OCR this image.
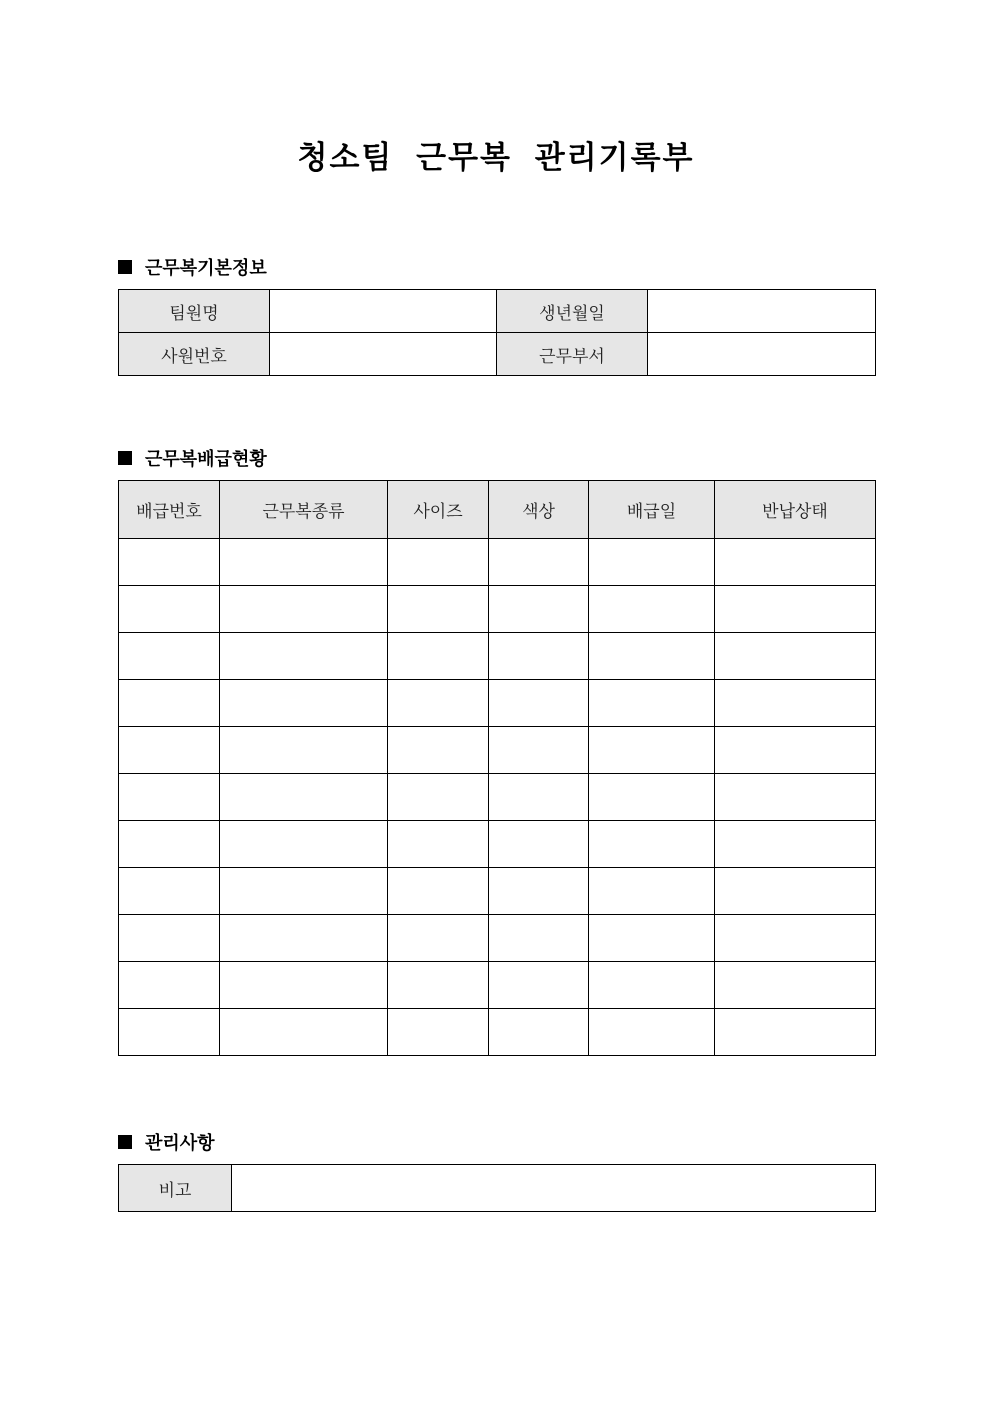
청소팀 근무복 관리기록부
근무복기본정보
팀원명		생년월일	
사원번호		근무부서	
근무복배급현황
배급번호	근무복종류	사이즈	색상	배급일	반납상태

관리사항
비고	
